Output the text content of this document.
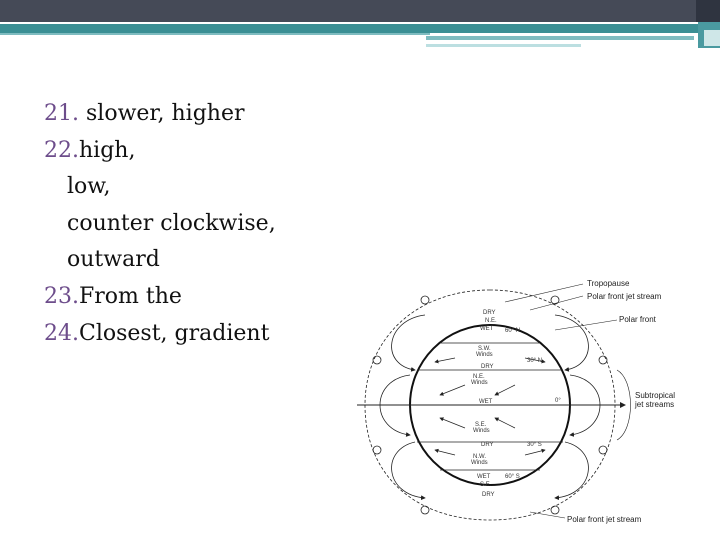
21. slower, higher
22.high,
low,
counter clockwise,
outward
23.From the
24.Closest, gradient
Tropopause
Polar front jet stream
Polar front
Subtropical
jet streams
Polar front jet stream
DRY
N.E.
WET 60° N
S.W.
Winds
DRY
30° N
N.E.
Winds
WET	0°
S.E.
Winds
DRY	30° S
N.W.
Winds
WET 60° S
S.E.
DRY
